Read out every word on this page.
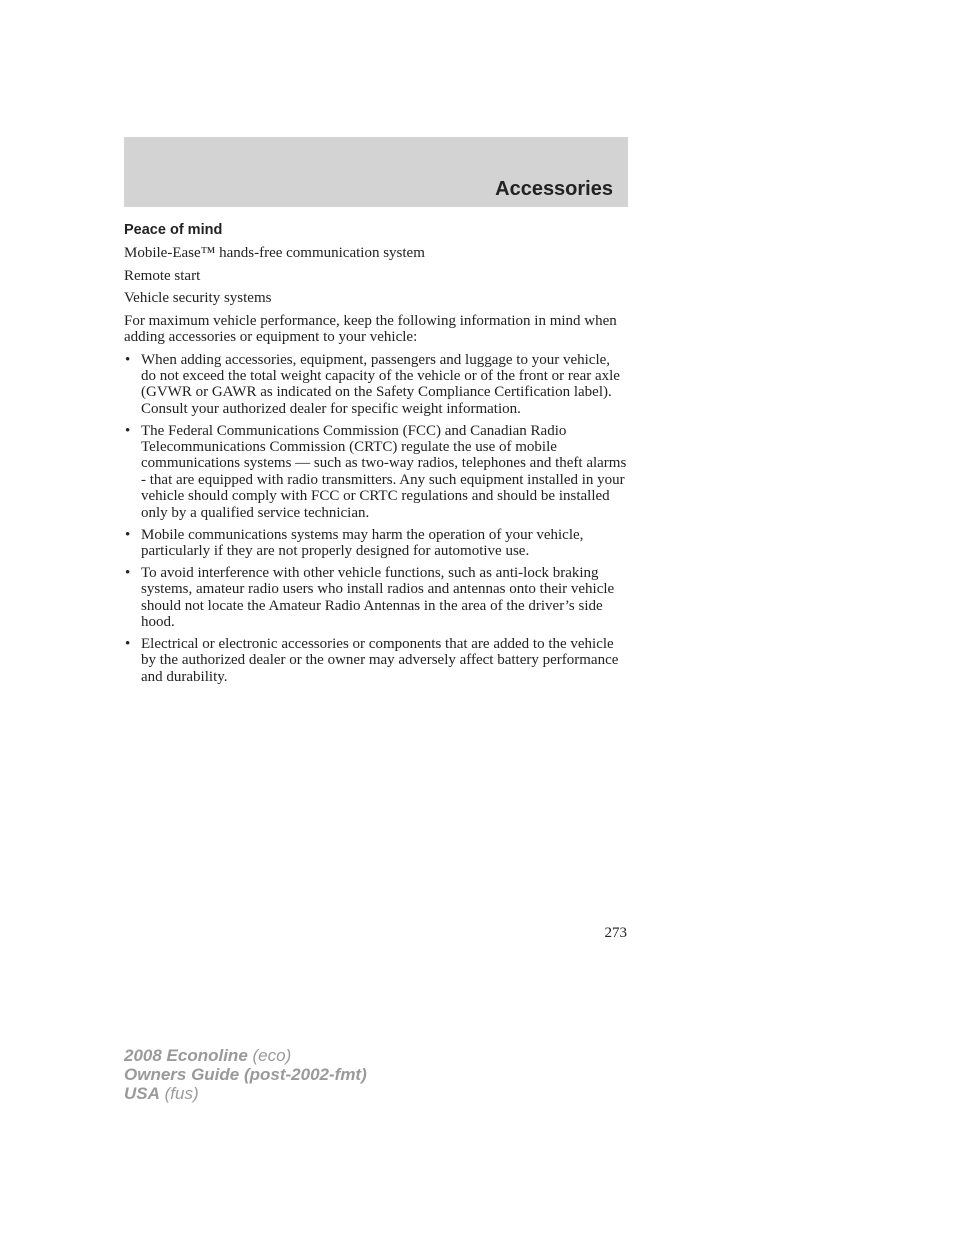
Accessories
Peace of mind

Mobile-Ease™ hands-free communication system

Remote start

Vehicle security systems

For maximum vehicle performance, keep the following information in mind when adding accessories or equipment to your vehicle:

• When adding accessories, equipment, passengers and luggage to your vehicle, do not exceed the total weight capacity of the vehicle or of the front or rear axle (GVWR or GAWR as indicated on the Safety Compliance Certification label). Consult your authorized dealer for specific weight information.
• The Federal Communications Commission (FCC) and Canadian Radio Telecommunications Commission (CRTC) regulate the use of mobile communications systems — such as two-way radios, telephones and theft alarms - that are equipped with radio transmitters. Any such equipment installed in your vehicle should comply with FCC or CRTC regulations and should be installed only by a qualified service technician.
• Mobile communications systems may harm the operation of your vehicle, particularly if they are not properly designed for automotive use.
• To avoid interference with other vehicle functions, such as anti-lock braking systems, amateur radio users who install radios and antennas onto their vehicle should not locate the Amateur Radio Antennas in the area of the driver’s side hood.
• Electrical or electronic accessories or components that are added to the vehicle by the authorized dealer or the owner may adversely affect battery performance and durability.
273
2008 Econoline (eco)
Owners Guide (post-2002-fmt)
USA (fus)
